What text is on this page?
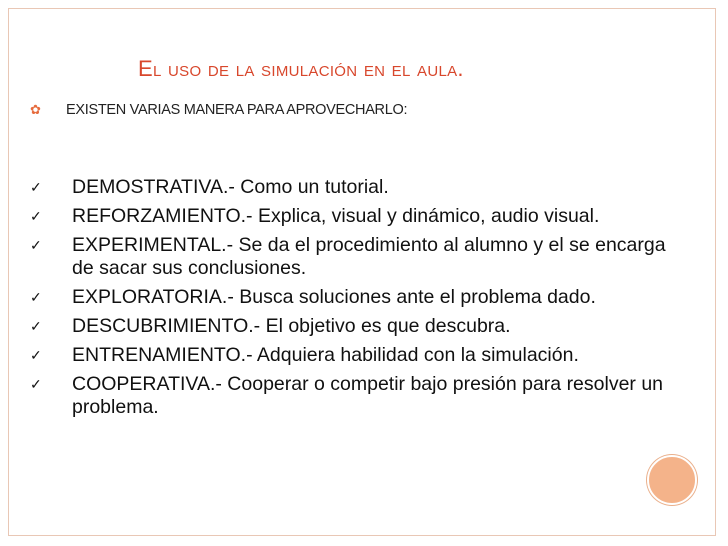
El uso de la simulación en el aula.
✿	EXISTEN VARIAS MANERA PARA APROVECHARLO:
✓	DEMOSTRATIVA.- Como un tutorial.
✓	REFORZAMIENTO.- Explica, visual y dinámico, audio visual.
✓	EXPERIMENTAL.- Se da el procedimiento al alumno y el se encarga de sacar sus conclusiones.
✓	EXPLORATORIA.- Busca soluciones ante el problema dado.
✓	DESCUBRIMIENTO.- El objetivo es que descubra.
✓	ENTRENAMIENTO.- Adquiera habilidad con la simulación.
✓	COOPERATIVA.- Cooperar o competir bajo presión para resolver un problema.
